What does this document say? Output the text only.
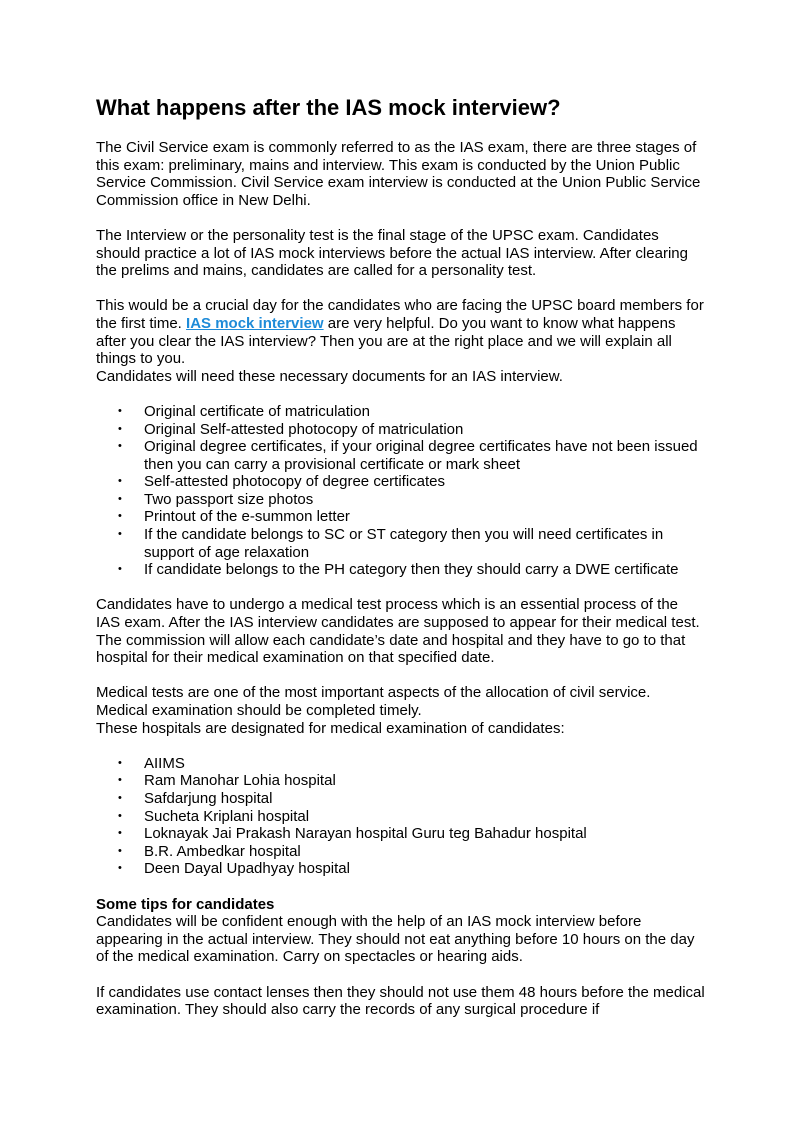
What happens after the IAS mock interview?

The Civil Service exam is commonly referred to as the IAS exam, there are three stages of this exam: preliminary, mains and interview. This exam is conducted by the Union Public Service Commission. Civil Service exam interview is conducted at the Union Public Service Commission office in New Delhi.

The Interview or the personality test is the final stage of the UPSC exam. Candidates should practice a lot of IAS mock interviews before the actual IAS interview. After clearing the prelims and mains, candidates are called for a personality test.

This would be a crucial day for the candidates who are facing the UPSC board members for the first time. IAS mock interview are very helpful. Do you want to know what happens after you clear the IAS interview? Then you are at the right place and we will explain all things to you.

Candidates will need these necessary documents for an IAS interview.

• Original certificate of matriculation
• Original Self-attested photocopy of matriculation
• Original degree certificates, if your original degree certificates have not been issued then you can carry a provisional certificate or mark sheet
• Self-attested photocopy of degree certificates
• Two passport size photos
• Printout of the e-summon letter
• If the candidate belongs to SC or ST category then you will need certificates in support of age relaxation
• If candidate belongs to the PH category then they should carry a DWE certificate

Candidates have to undergo a medical test process which is an essential process of the IAS exam. After the IAS interview candidates are supposed to appear for their medical test. The commission will allow each candidate’s date and hospital and they have to go to that hospital for their medical examination on that specified date.

Medical tests are one of the most important aspects of the allocation of civil service. Medical examination should be completed timely.

These hospitals are designated for medical examination of candidates:

• AIIMS
• Ram Manohar Lohia hospital
• Safdarjung hospital
• Sucheta Kriplani hospital
• Loknayak Jai Prakash Narayan hospital Guru teg Bahadur hospital
• B.R. Ambedkar hospital
• Deen Dayal Upadhyay hospital
Some tips for candidates

Candidates will be confident enough with the help of an IAS mock interview before appearing in the actual interview. They should not eat anything before 10 hours on the day of the medical examination. Carry on spectacles or hearing aids.

If candidates use contact lenses then they should not use them 48 hours before the medical examination. They should also carry the records of any surgical procedure if
